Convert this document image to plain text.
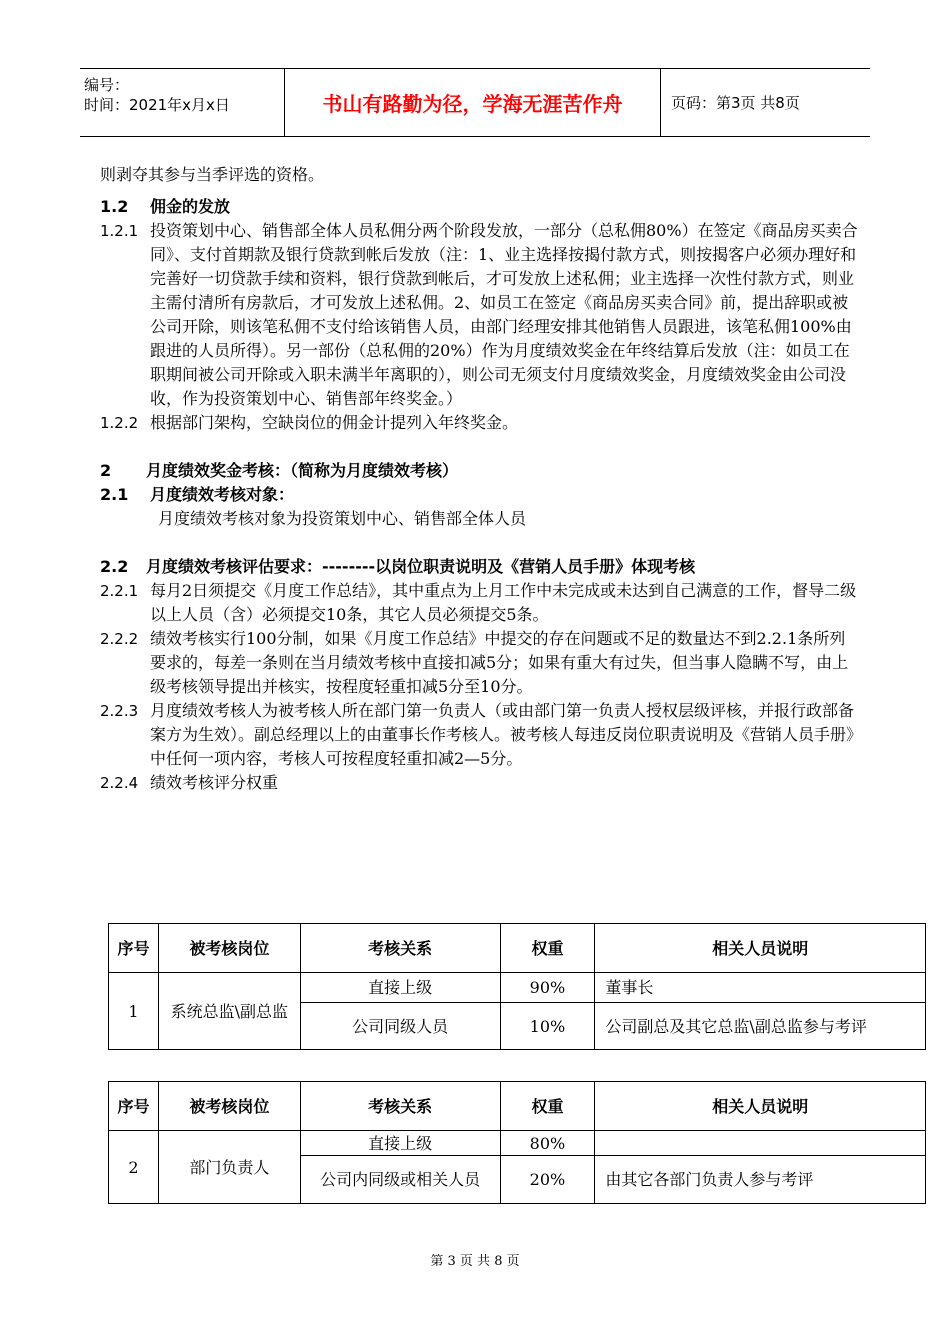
编号：
时间：2021年x月x日	书山有路勤为径，学海无涯苦作舟	页码：第3页 共8页

则剥夺其参与当季评选的资格。

1.2	佣金的发放
1.2.1 投资策划中心、销售部全体人员私佣分两个阶段发放，一部分（总私佣80%）在签定《商品房买卖合同》、支付首期款及银行贷款到帐后发放（注：1、业主选择按揭付款方式，则按揭客户必须办理好和完善好一切贷款手续和资料，银行贷款到帐后，才可发放上述私佣；业主选择一次性付款方式，则业主需付清所有房款后，才可发放上述私佣。2、如员工在签定《商品房买卖合同》前，提出辞职或被公司开除，则该笔私佣不支付给该销售人员，由部门经理安排其他销售人员跟进，该笔私佣100%由跟进的人员所得）。另一部份（总私佣的20%）作为月度绩效奖金在年终结算后发放（注：如员工在职期间被公司开除或入职未满半年离职的），则公司无须支付月度绩效奖金，月度绩效奖金由公司没收，作为投资策划中心、销售部年终奖金。）
1.2.2 根据部门架构，空缺岗位的佣金计提列入年终奖金。
2	月度绩效奖金考核：（简称为月度绩效考核）
2.1	月度绩效考核对象：

月度绩效考核对象为投资策划中心、销售部全体人员

2.2	月度绩效考核评估要求：--------以岗位职责说明及《营销人员手册》体现考核
2.2.1 每月2日须提交《月度工作总结》，其中重点为上月工作中未完成或未达到自己满意的工作，督导二级以上人员（含）必须提交10条，其它人员必须提交5条。
2.2.2 绩效考核实行100分制，如果《月度工作总结》中提交的存在问题或不足的数量达不到2.2.1条所列要求的，每差一条则在当月绩效考核中直接扣减5分；如果有重大有过失，但当事人隐瞒不写，由上级考核领导提出并核实，按程度轻重扣减5分至10分。
2.2.3 月度绩效考核人为被考核人所在部门第一负责人（或由部门第一负责人授权层级评核，并报行政部备案方为生效）。副总经理以上的由董事长作考核人。被考核人每违反岗位职责说明及《营销人员手册》中任何一项内容，考核人可按程度轻重扣减2—5分。
2.2.4 绩效考核评分权重
序号	被考核岗位	考核关系	权重	相关人员说明
1	系统总监\副总监	直接上级	90%	董事长
		公司同级人员	10%	公司副总及其它总监\副总监参与考评
序号	被考核岗位	考核关系	权重	相关人员说明
2	部门负责人	直接上级	80%	
		公司内同级或相关人员	20%	由其它各部门负责人参与考评
第 3 页 共 8 页
